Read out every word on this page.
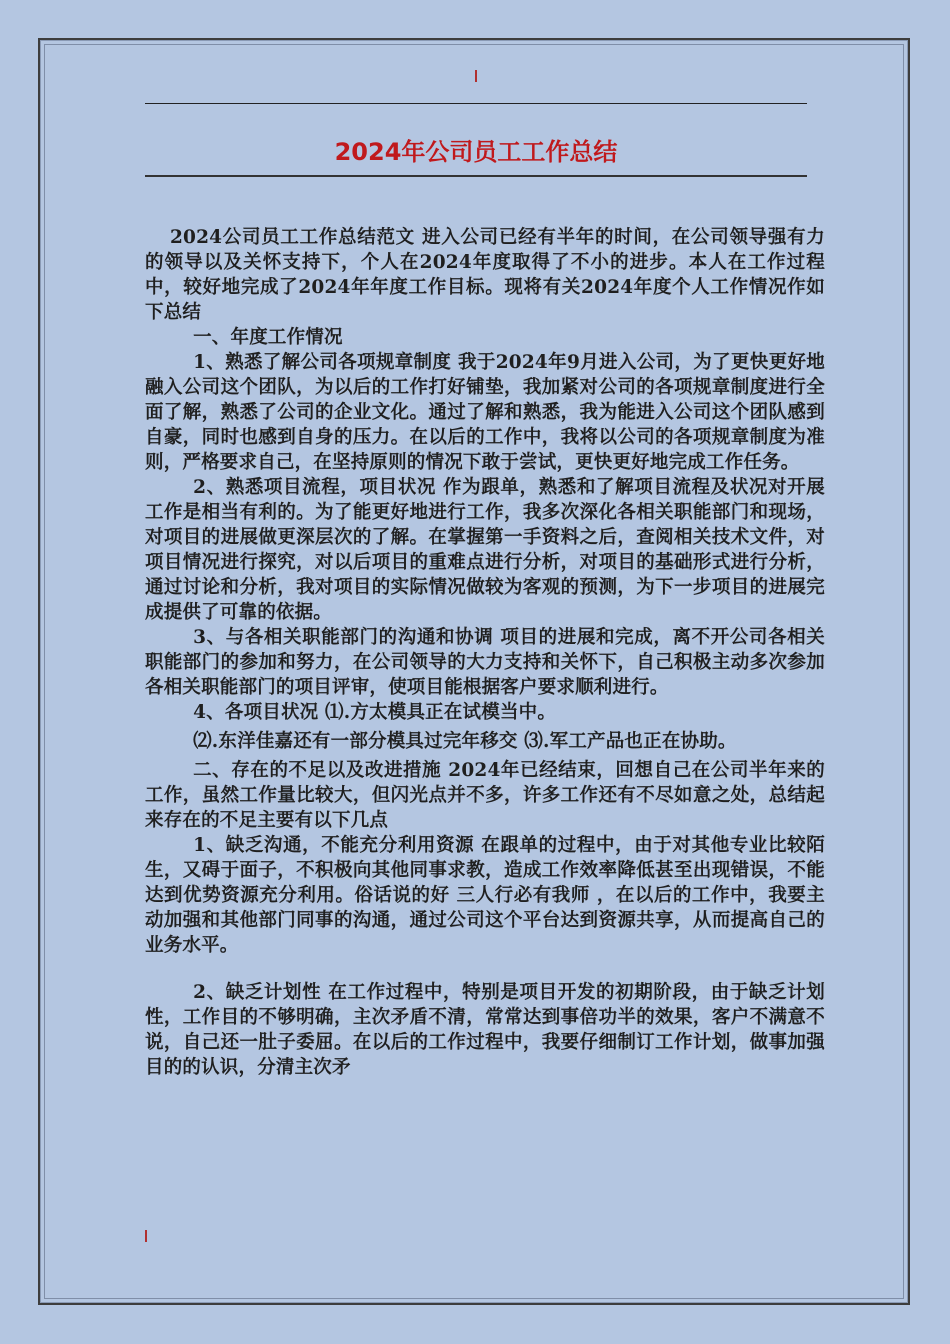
2024年公司员工工作总结

2024公司员工工作总结范文 进入公司已经有半年的时间，在公司领导强有力的领导以及关怀支持下，个人在2024年度取得了不小的进步。本人在工作过程中，较好地完成了2024年年度工作目标。现将有关2024年度个人工作情况作如下总结

一、年度工作情况

1、熟悉了解公司各项规章制度 我于2024年9月进入公司，为了更快更好地融入公司这个团队，为以后的工作打好铺垫，我加紧对公司的各项规章制度进行全面了解，熟悉了公司的企业文化。通过了解和熟悉，我为能进入公司这个团队感到自豪，同时也感到自身的压力。在以后的工作中，我将以公司的各项规章制度为准则，严格要求自己，在坚持原则的情况下敢于尝试，更快更好地完成工作任务。

2、熟悉项目流程，项目状况 作为跟单，熟悉和了解项目流程及状况对开展工作是相当有利的。为了能更好地进行工作，我多次深化各相关职能部门和现场，对项目的进展做更深层次的了解。在掌握第一手资料之后，查阅相关技术文件，对项目情况进行探究，对以后项目的重难点进行分析，对项目的基础形式进行分析，通过讨论和分析，我对项目的实际情况做较为客观的预测，为下一步项目的进展完成提供了可靠的依据。

3、与各相关职能部门的沟通和协调 项目的进展和完成，离不开公司各相关职能部门的参加和努力，在公司领导的大力支持和关怀下，自己积极主动多次参加各相关职能部门的项目评审，使项目能根据客户要求顺利进行。

4、各项目状况 ⑴.方太模具正在试模当中。

⑵.东洋佳嘉还有一部分模具过完年移交 ⑶.军工产品也正在协助。

二、存在的不足以及改进措施 2024年已经结束，回想自己在公司半年来的工作，虽然工作量比较大，但闪光点并不多，许多工作还有不尽如意之处，总结起来存在的不足主要有以下几点

1、缺乏沟通，不能充分利用资源 在跟单的过程中，由于对其他专业比较陌生，又碍于面子，不积极向其他同事求教，造成工作效率降低甚至出现错误，不能达到优势资源充分利用。俗话说的好 三人行必有我师 ，在以后的工作中，我要主动加强和其他部门同事的沟通，通过公司这个平台达到资源共享，从而提高自己的业务水平。

2、缺乏计划性 在工作过程中，特别是项目开发的初期阶段，由于缺乏计划性，工作目的不够明确，主次矛盾不清，常常达到事倍功半的效果，客户不满意不说，自己还一肚子委屈。在以后的工作过程中，我要仔细制订工作计划，做事加强目的的认识，分清主次矛
